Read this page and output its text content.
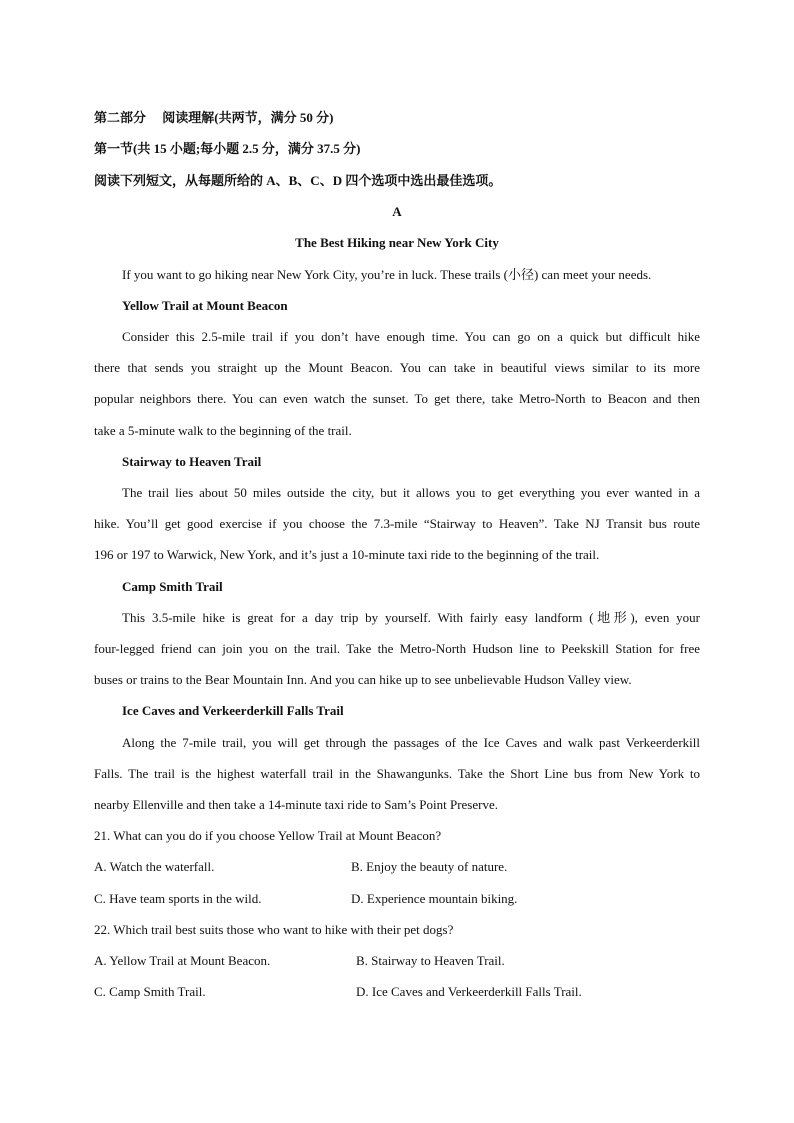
第二部分　 阅读理解(共两节，满分 50 分)
第一节(共 15 小题;每小题 2.5 分，满分 37.5 分)
阅读下列短文，从每题所给的 A、B、C、D 四个选项中选出最佳选项。
A
The Best Hiking near New York City
If you want to go hiking near New York City, you’re in luck. These trails (小径) can meet your needs.
Yellow Trail at Mount Beacon
Consider this 2.5-mile trail if you don’t have enough time. You can go on a quick but difficult hike
there that sends you straight up the Mount Beacon. You can take in beautiful views similar to its more
popular neighbors there. You can even watch the sunset. To get there, take Metro-North to Beacon and then
take a 5-minute walk to the beginning of the trail.
Stairway to Heaven Trail
The trail lies about 50 miles outside the city, but it allows you to get everything you ever wanted in a
hike. You’ll get good exercise if you choose the 7.3-mile “Stairway to Heaven”. Take NJ Transit bus route
196 or 197 to Warwick, New York, and it’s just a 10-minute taxi ride to the beginning of the trail.
Camp Smith Trail
This 3.5-mile hike is great for a day trip by yourself. With fairly easy landform (地形), even your
four-legged friend can join you on the trail. Take the Metro-North Hudson line to Peekskill Station for free
buses or trains to the Bear Mountain Inn. And you can hike up to see unbelievable Hudson Valley view.
Ice Caves and Verkeerderkill Falls Trail
Along the 7-mile trail, you will get through the passages of the Ice Caves and walk past Verkeerderkill
Falls. The trail is the highest waterfall trail in the Shawangunks. Take the Short Line bus from New York to
nearby Ellenville and then take a 14-minute taxi ride to Sam’s Point Preserve.
21. What can you do if you choose Yellow Trail at Mount Beacon?
A. Watch the waterfall.	B. Enjoy the beauty of nature.
C. Have team sports in the wild.	D. Experience mountain biking.
22. Which trail best suits those who want to hike with their pet dogs?
A. Yellow Trail at Mount Beacon.	B. Stairway to Heaven Trail.
C. Camp Smith Trail.	D. Ice Caves and Verkeerderkill Falls Trail.
